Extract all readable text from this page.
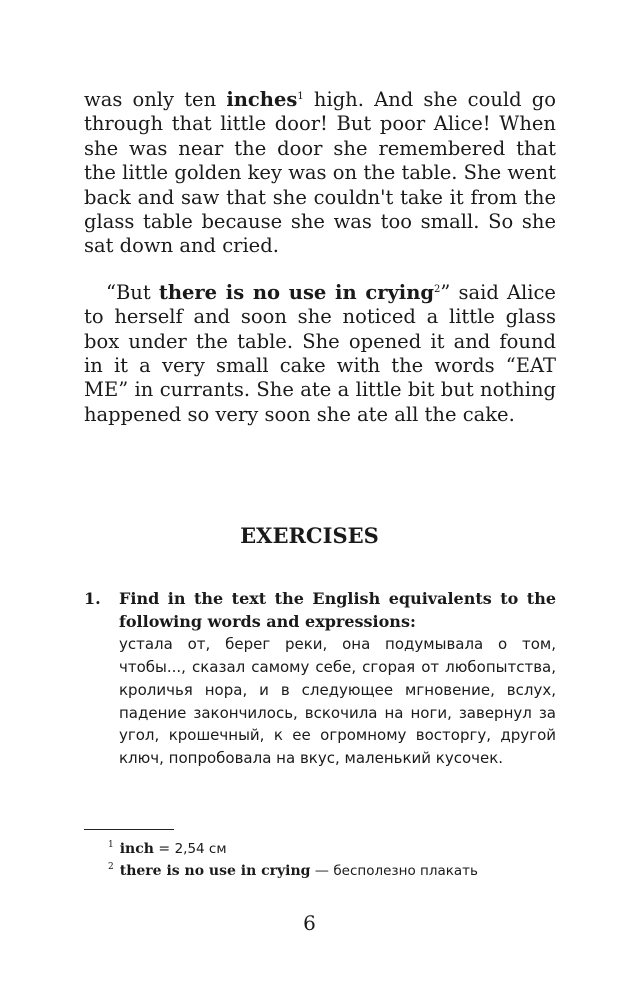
was only ten inches$^1$ high. And she could go through that little door! But poor Alice! When she was near the door she remembered that the little golden key was on the table. She went back and saw that she couldn't take it from the glass table because she was too small. So she sat down and cried.

“But there is no use in crying$^2$” said Alice to herself and soon she noticed a little glass box under the table. She opened it and found in it a very small cake with the words “EAT ME” in currants. She ate a little bit but nothing happened so very soon she ate all the cake.

EXERCISES
1. Find in the text the English equivalents to the following words and expressions:

устала от, берег реки, она подумывала о том, чтобы..., сказал самому себе, сгорая от любопытства, кроличья нора, и в следующее мгновение, вслух, падение закончилось, вскочила на ноги, завернул за угол, крошечный, к ее огромному восторгу, другой ключ, попробовала на вкус, маленький кусочек.

$^1$ inch = 2,54 см

$^2$ there is no use in crying — бесполезно плакать

6
